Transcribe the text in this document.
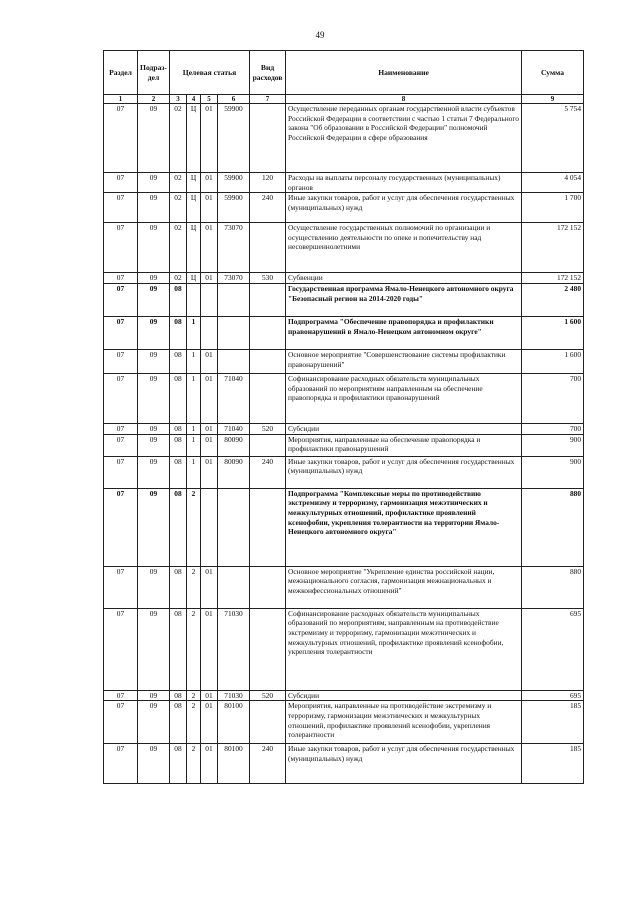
49
Раздел	Подраз-дел	Целевая статья				Вид расходов	Наименование	Сумма
1	2	3	4	5	6	7	8	9
07	09	02	Ц	01	59900		Осуществление переданных органам государственной власти субъектов Российской Федерации в соответствии с частью 1 статьи 7 Федерального закона "Об образовании в Российской Федерации" полномочий Российской Федерации в сфере образования	5 754
07	09	02	Ц	01	59900	120	Расходы на выплаты персоналу государственных (муниципальных) органов	4 054
07	09	02	Ц	01	59900	240	Иные закупки товаров, работ и услуг для обеспечения государственных (муниципальных) нужд	1 700
07	09	02	Ц	01	73070		Осуществление государственных полномочий по организации и осуществлению деятельности по опеке и попечительству над несовершеннолетними	172 152
07	09	02	Ц	01	73070	530	Субвенции	172 152
07	09	08					Государственная программа Ямало-Ненецкого автономного округа "Безопасный регион на 2014-2020 годы"	2 480
07	09	08	1				Подпрограмма "Обеспечение правопорядка и профилактики правонарушений в Ямало-Ненецком автономном округе"	1 600
07	09	08	1	01			Основное мероприятие "Совершенствование системы профилактики правонарушений"	1 600
07	09	08	1	01	71040		Софинансирование расходных обязательств муниципальных образований по мероприятиям направленным на обеспечение правопорядка и профилактики правонарушений	700
07	09	08	1	01	71040	520	Субсидии	700
07	09	08	1	01	80090		Мероприятия, направленные на обеспечение правопорядка и профилактики правонарушений	900
07	09	08	1	01	80090	240	Иные закупки товаров, работ и услуг для обеспечения государственных (муниципальных) нужд	900
07	09	08	2				Подпрограмма "Комплексные меры по противодействию экстремизму и терроризму, гармонизация межэтнических и межкультурных отношений, профилактике проявлений ксенофобии, укрепления толерантности на территории Ямало-Ненецкого автономного округа"	880
07	09	08	2	01			Основное мероприятие "Укрепление единства российской нации, межнационального согласия, гармонизация межнациональных и межконфессиональных отношений"	880
07	09	08	2	01	71030		Софинансирование расходных обязательств муниципальных образований по мероприятиям, направленным на противодействие экстремизму и терроризму, гармонизации межэтнических и межкультурных отношений, профилактике проявлений ксенофобии, укрепления толерантности	695
07	09	08	2	01	71030	520	Субсидии	695
07	09	08	2	01	80100		Мероприятия, направленные на противодействие экстремизму и терроризму, гармонизации межэтнических и межкультурных отношений, профилактике проявлений ксенофобии, укрепления толерантности	185
07	09	08	2	01	80100	240	Иные закупки товаров, работ и услуг для обеспечения государственных (муниципальных) нужд	185
